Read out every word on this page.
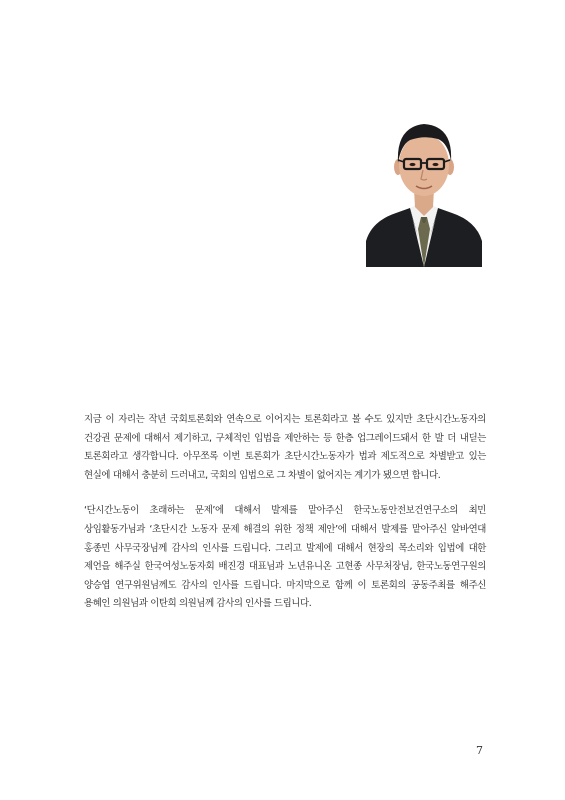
지금 이 자리는 작년 국회토론회와 연속으로 이어지는 토론회라고 볼 수도 있지만 초단시간노동자의 건강권 문제에 대해서 제기하고, 구체적인 입법을 제안하는 등 한층 업그레이드돼서 한 발 더 내딛는 토론회라고 생각합니다. 아무쪼록 이번 토론회가 초단시간노동자가 법과 제도적으로 차별받고 있는 현실에 대해서 충분히 드러내고, 국회의 입법으로 그 차별이 없어지는 계기가 됐으면 합니다.

‘단시간노동이 초래하는 문제’에 대해서 발제를 맡아주신 한국노동안전보건연구소의 최민 상임활동가님과 ‘초단시간 노동자 문제 해결의 위한 정책 제안’에 대해서 발제를 맡아주신 알바연대 홍종민 사무국장님께 감사의 인사를 드립니다. 그리고 발제에 대해서 현장의 목소리와 입법에 대한 제언을 해주실 한국여성노동자회 배진경 대표님과 노년유니온 고현종 사무처장님, 한국노동연구원의 양승엽 연구위원님께도 감사의 인사를 드립니다. 마지막으로 함께 이 토론회의 공동주최를 해주신 용혜인 의원님과 이탄희 의원님께 감사의 인사를 드립니다.

7
